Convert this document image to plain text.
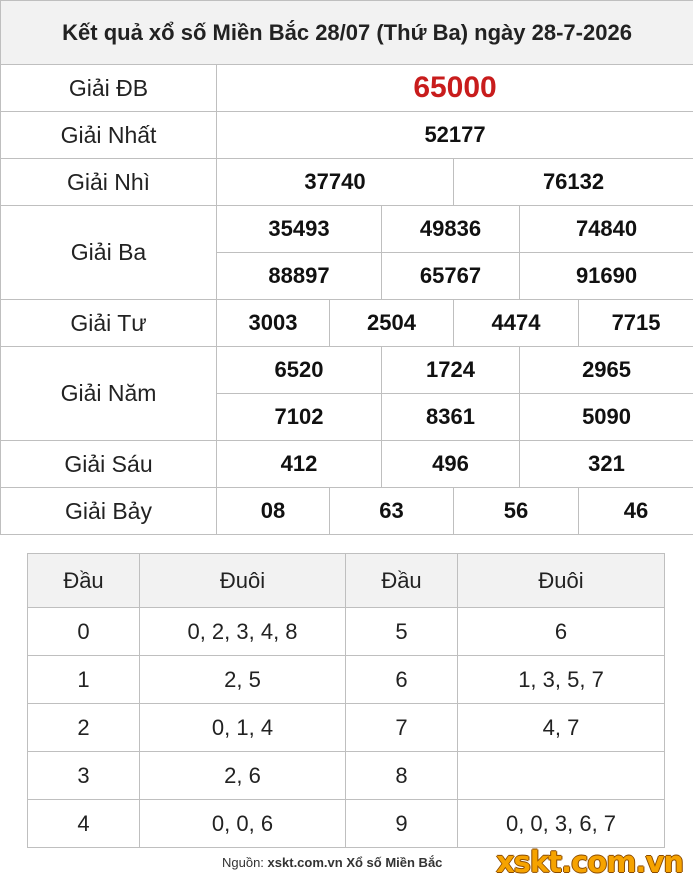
Kết quả xổ số Miền Bắc 28/07 (Thứ Ba) ngày 28-7-2026						
Giải ĐB	65000					
Giải Nhất	52177					
Giải Nhì	37740			76132		
Giải Ba	35493		49836		74840	
	88897		65767		91690	
Giải Tư	3003	2504		4474		7715
Giải Năm	6520		1724		2965	
	7102		8361		5090	
Giải Sáu	412		496		321	
Giải Bảy	08	63		56		46
Đầu	Đuôi	Đầu	Đuôi
0	0, 2, 3, 4, 8	5	6
1	2, 5	6	1, 3, 5, 7
2	0, 1, 4	7	4, 7
3	2, 6	8	
4	0, 0, 6	9	0, 0, 3, 6, 7
Nguồn: xskt.com.vn Xổ số Miền Bắc xskt.com.vn
